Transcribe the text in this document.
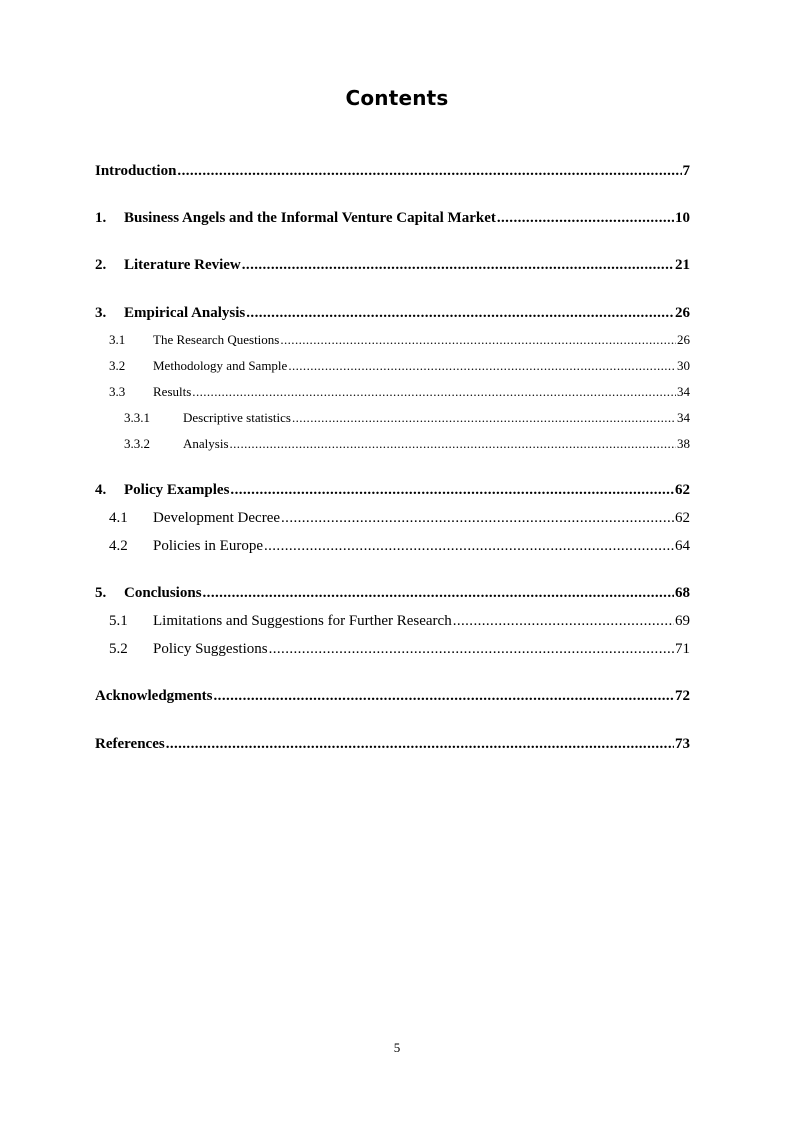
Contents
Introduction .....	7
1.	Business Angels and the Informal Venture Capital Market .....	10
2.	Literature Review .....	21
3.	Empirical Analysis .....	26
3.1	The Research Questions .....	26
3.2	Methodology and Sample .....	30
3.3	Results .....	34
3.3.1	Descriptive statistics .....	34
3.3.2	Analysis .....	38
4.	Policy Examples .....	62
4.1	Development Decree .....	62
4.2	Policies in Europe .....	64
5.	Conclusions .....	68
5.1	Limitations and Suggestions for Further Research .....	69
5.2	Policy Suggestions .....	71
Acknowledgments .....	72
References .....	73
5
